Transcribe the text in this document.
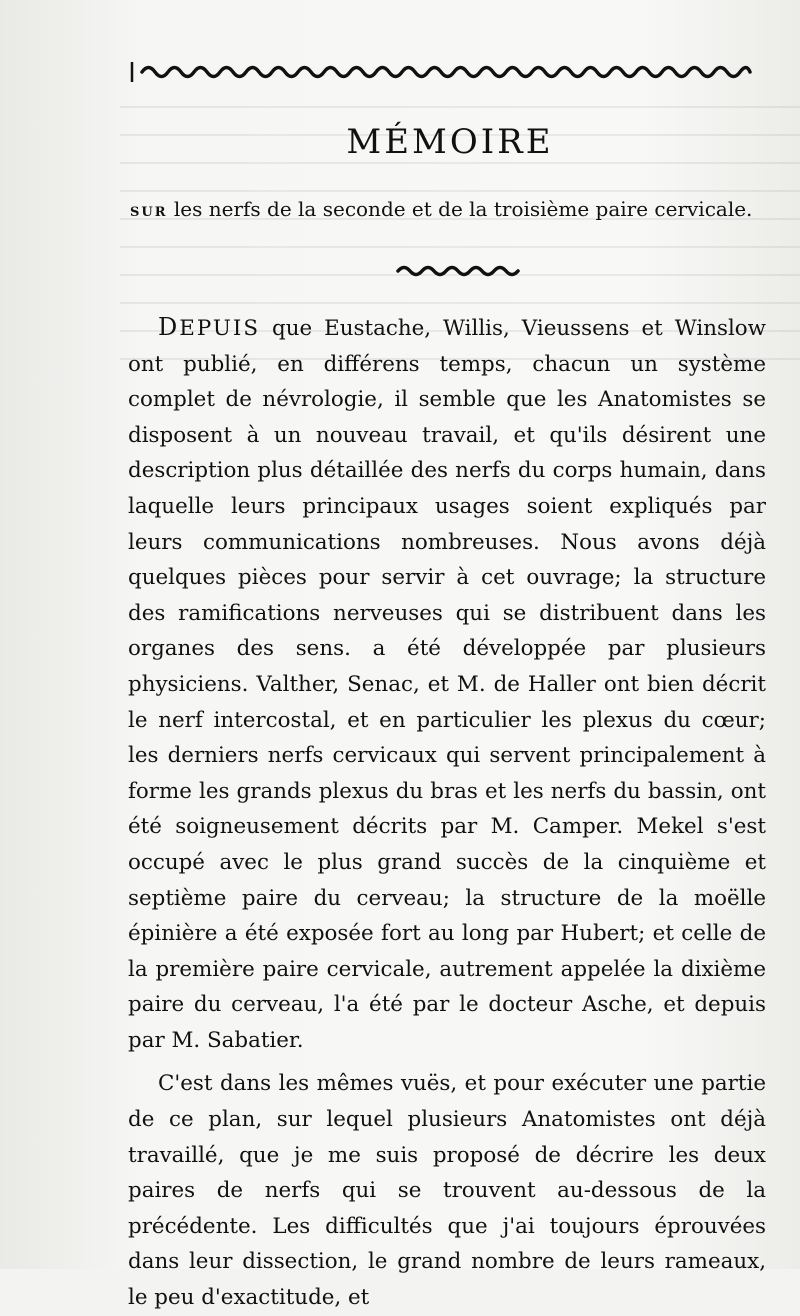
MÉMOIRE
SUR les nerfs de la seconde et de la troisième paire cervicale.

DEPUIS que Eustache, Willis, Vieussens et Winslow ont publié, en différens temps, chacun un système complet de névrologie, il semble que les Anatomistes se disposent à un nouveau travail, et qu'ils désirent une description plus détaillée des nerfs du corps humain, dans laquelle leurs principaux usages soient expliqués par leurs communications nombreuses. Nous avons déjà quelques pièces pour servir à cet ouvrage; la structure des ramifications nerveuses qui se distribuent dans les organes des sens. a été développée par plusieurs physiciens. Valther, Senac, et M. de Haller ont bien décrit le nerf intercostal, et en particulier les plexus du cœur; les derniers nerfs cervicaux qui servent principalement à forme les grands plexus du bras et les nerfs du bassin, ont été soigneusement décrits par M. Camper. Mekel s'est occupé avec le plus grand succès de la cinquième et septième paire du cerveau; la structure de la moëlle épinière a été exposée fort au long par Hubert; et celle de la première paire cervicale, autrement appelée la dixième paire du cerveau, l'a été par le docteur Asche, et depuis par M. Sabatier.

C'est dans les mêmes vuës, et pour exécuter une partie de ce plan, sur lequel plusieurs Anatomistes ont déjà travaillé, que je me suis proposé de décrire les deux paires de nerfs qui se trouvent au-dessous de la précédente. Les difficultés que j'ai toujours éprouvées dans leur dissection, le grand nombre de leurs rameaux, le peu d'exactitude, et
